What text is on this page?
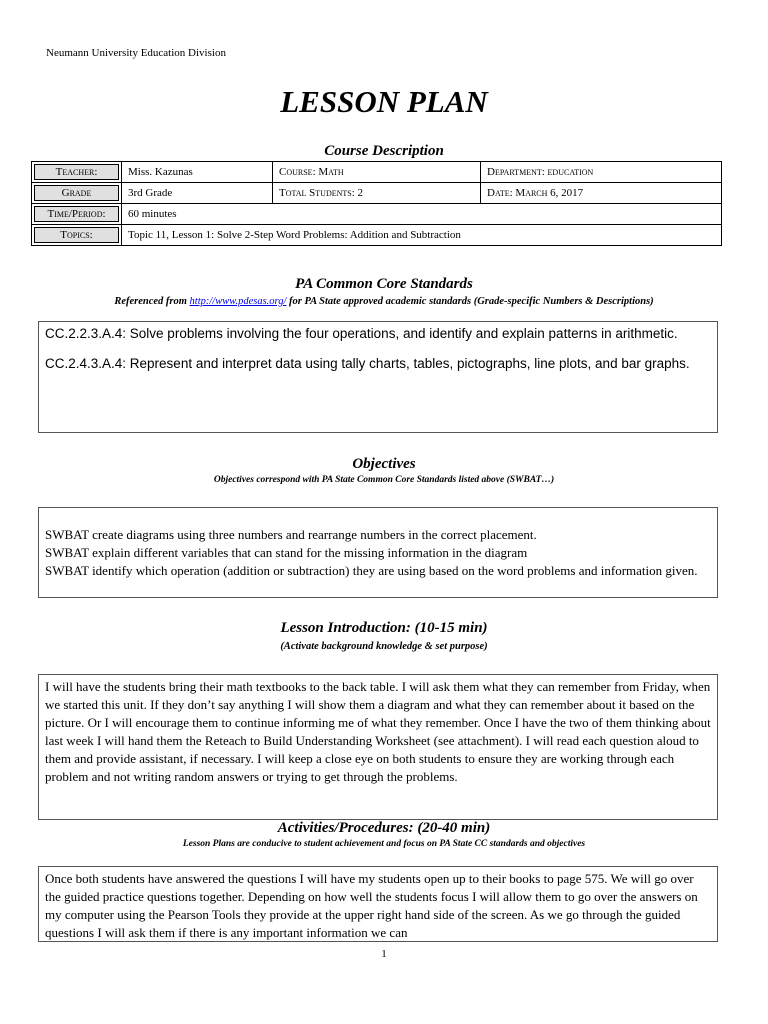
Neumann University Education Division
LESSON PLAN
Course Description
Teacher:	Miss. Kazunas	Course: Math	Department: education
Grade	3rd Grade	Total Students: 2	Date: March 6, 2017
Time/Period:	60 minutes		
Topics:	Topic 11, Lesson 1: Solve 2-Step Word Problems: Addition and Subtraction		
PA Common Core Standards
Referenced from http://www.pdesas.org/ for PA State approved academic standards (Grade-specific Numbers & Descriptions)

CC.2.2.3.A.4: Solve problems involving the four operations, and identify and explain patterns in arithmetic.

CC.2.4.3.A.4: Represent and interpret data using tally charts, tables, pictographs, line plots, and bar graphs.

Objectives
Objectives correspond with PA State Common Core Standards listed above (SWBAT…)

SWBAT create diagrams using three numbers and rearrange numbers in the correct placement.

SWBAT explain different variables that can stand for the missing information in the diagram

SWBAT identify which operation (addition or subtraction) they are using based on the word problems and information given.

Lesson Introduction: (10-15 min)
(Activate background knowledge & set purpose)

I will have the students bring their math textbooks to the back table. I will ask them what they can remember from Friday, when we started this unit. If they don’t say anything I will show them a diagram and what they can remember about it based on the picture. Or I will encourage them to continue informing me of what they remember. Once I have the two of them thinking about last week I will hand them the Reteach to Build Understanding Worksheet (see attachment). I will read each question aloud to them and provide assistant, if necessary. I will keep a close eye on both students to ensure they are working through each problem and not writing random answers or trying to get through the problems.

Activities/Procedures: (20-40 min)
Lesson Plans are conducive to student achievement and focus on PA State CC standards and objectives

Once both students have answered the questions I will have my students open up to their books to page 575. We will go over the guided practice questions together. Depending on how well the students focus I will allow them to go over the answers on my computer using the Pearson Tools they provide at the upper right hand side of the screen. As we go through the guided questions I will ask them if there is any important information we can

1
